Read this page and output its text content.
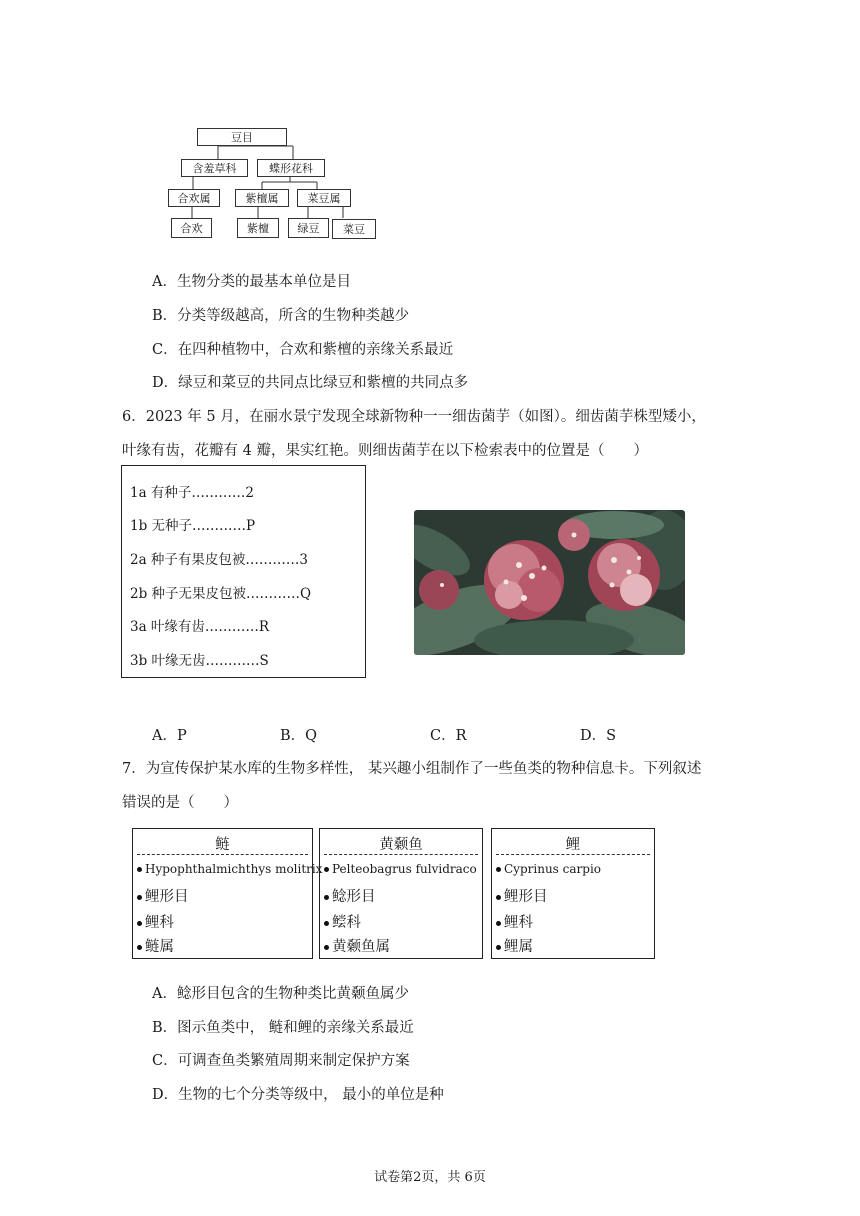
豆目
含羞草科	蝶形花科
合欢属	紫檀属	菜豆属
合欢	紫檀	绿豆	菜豆
A．生物分类的最基本单位是目
B．分类等级越高，所含的生物种类越少
C．在四种植物中，合欢和紫檀的亲缘关系最近
D．绿豆和菜豆的共同点比绿豆和紫檀的共同点多
6．2023 年 5 月，在丽水景宁发现全球新物种一一细齿菌芋（如图）。细齿菌芋株型矮小，
叶缘有齿，花瓣有 4 瓣，果实红艳。则细齿菌芋在以下检索表中的位置是（　　）
1a 有种子…………2
1b 无种子…………P
2a 种子有果皮包被…………3
2b 种子无果皮包被…………Q
3a 叶缘有齿…………R
3b 叶缘无齿…………S
A．P	B．Q	C．R	D．S
7．为宣传保护某水库的生物多样性， 某兴趣小组制作了一些鱼类的物种信息卡。下列叙述
错误的是（　　）
鲢
Hypophthalmichthys molitrix
鲤形目
鲤科
鲢属
黄颡鱼
Pelteobagrus fulvidraco
鲶形目
鲿科
黄颡鱼属
鲤
Cyprinus carpio
鲤形目
鲤科
鲤属
A．鲶形目包含的生物种类比黄颡鱼属少
B．图示鱼类中， 鲢和鲤的亲缘关系最近
C．可调查鱼类繁殖周期来制定保护方案
D．生物的七个分类等级中， 最小的单位是种
试卷第2页，共 6页
